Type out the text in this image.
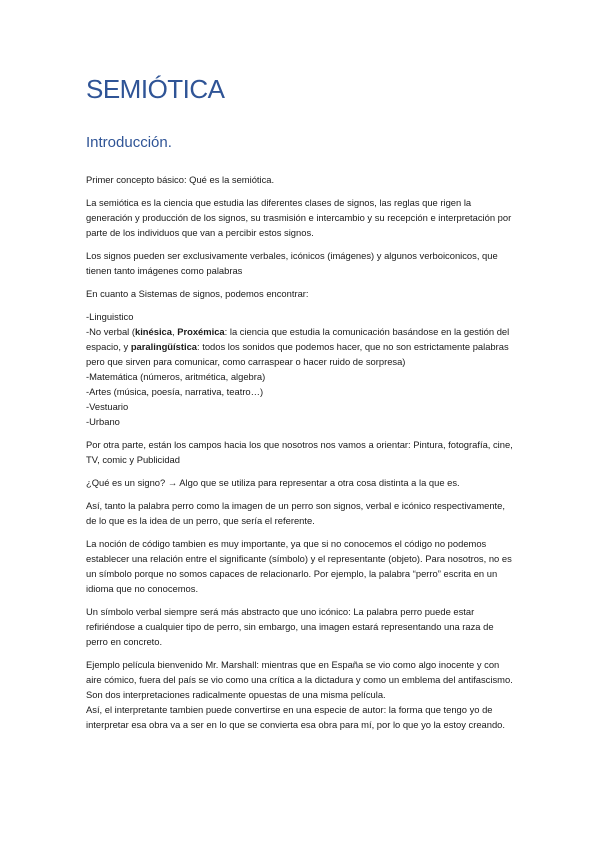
SEMIÓTICA
Introducción.

Primer concepto básico: Qué es la semiótica.

La semiótica es la ciencia que estudia las diferentes clases de signos, las reglas que rigen la generación y producción de los signos, su trasmisión e intercambio y su recepción e interpretación por parte de los individuos que van a percibir estos signos.

Los signos pueden ser exclusivamente verbales, icónicos (imágenes) y algunos verboiconicos, que tienen tanto imágenes como palabras

En cuanto a Sistemas de signos, podemos encontrar:

-Linguistico
-No verbal (kinésica, Proxémica: la ciencia que estudia la comunicación basándose en la gestión del espacio, y paralingüística: todos los sonidos que podemos hacer, que no son estrictamente palabras pero que sirven para comunicar, como carraspear o hacer ruido de sorpresa)
-Matemática (números, aritmética, algebra)
-Artes (música, poesía, narrativa, teatro…)
-Vestuario
-Urbano

Por otra parte, están los campos hacia los que nosotros nos vamos a orientar: Pintura, fotografía, cine, TV, comic y Publicidad

¿Qué es un signo? → Algo que se utiliza para representar a otra cosa distinta a la que es.

Así, tanto la palabra perro como la imagen de un perro son signos, verbal e icónico respectivamente, de lo que es la idea de un perro, que sería el referente.

La noción de código tambien es muy importante, ya que si no conocemos el código no podemos establecer una relación entre el significante (símbolo) y el representante (objeto). Para nosotros, no es un símbolo porque no somos capaces de relacionarlo. Por ejemplo, la palabra “perro” escrita en un idioma que no conocemos.

Un símbolo verbal siempre será más abstracto que uno icónico: La palabra perro puede estar refiriéndose a cualquier tipo de perro, sin embargo, una imagen estará representando una raza de perro en concreto.

Ejemplo película bienvenido Mr. Marshall: mientras que en España se vio como algo inocente y con aire cómico, fuera del país se vio como una crítica a la dictadura y como un emblema del antifascismo. Son dos interpretaciones radicalmente opuestas de una misma película.

Así, el interpretante tambien puede convertirse en una especie de autor: la forma que tengo yo de interpretar esa obra va a ser en lo que se convierta esa obra para mí, por lo que yo la estoy creando.
